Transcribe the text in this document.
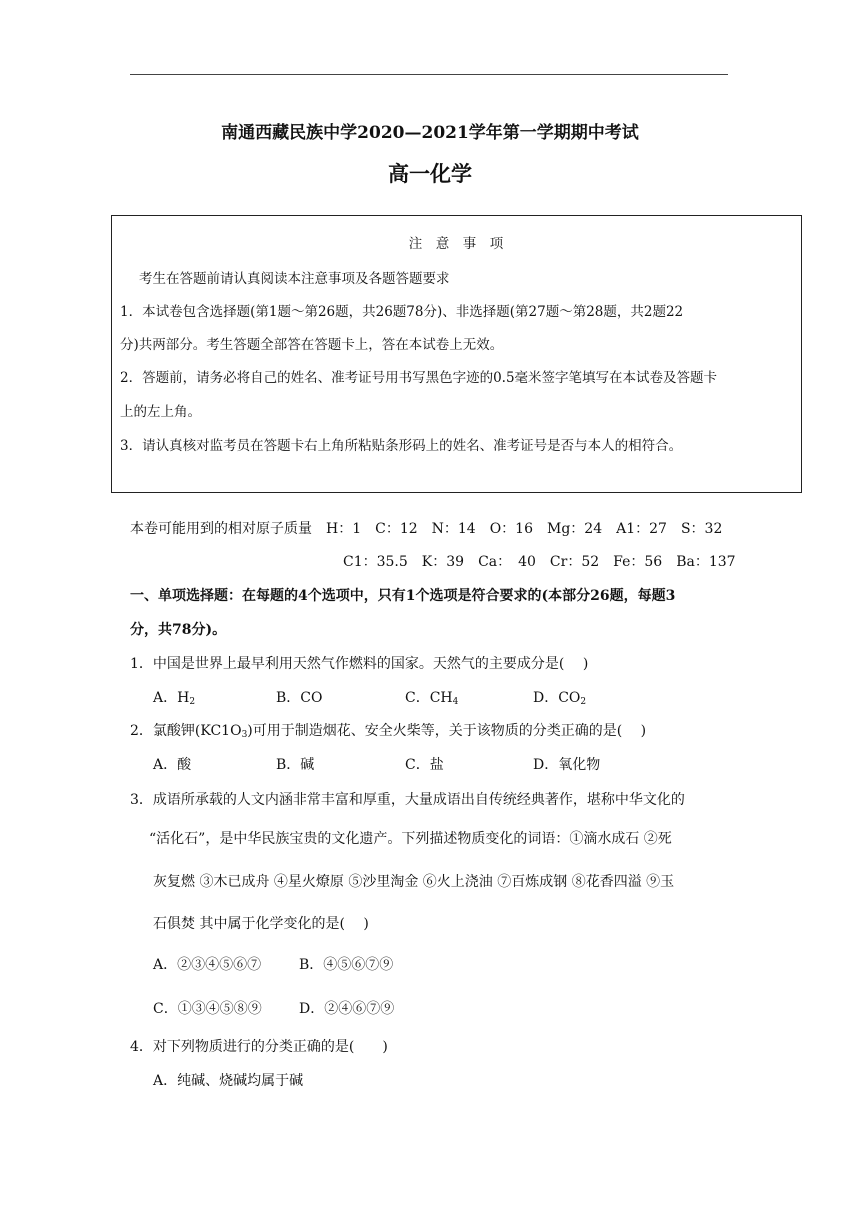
南通西藏民族中学2020—2021学年第一学期期中考试
高一化学
注　意　事　项
考生在答题前请认真阅读本注意事项及各题答题要求
1．本试卷包含选择题(第1题～第26题，共26题78分)、非选择题(第27题～第28题，共2题22
分)共两部分。考生答题全部答在答题卡上，答在本试卷上无效。
2．答题前，请务必将自己的姓名、准考证号用书写黑色字迹的0.5毫米签字笔填写在本试卷及答题卡
上的左上角。
3．请认真核对监考员在答题卡右上角所粘贴条形码上的姓名、准考证号是否与本人的相符合。
本卷可能用到的相对原子质量　H：1　C：12　N：14　O：16　Mg：24　A1：27　S：32
C1：35.5　K：39　Ca：　40　Cr：52　Fe：56　Ba：137
一、单项选择题：在每题的4个选项中，只有1个选项是符合要求的(本部分26题，每题3
分，共78分)。
1．中国是世界上最早利用天然气作燃料的国家。天然气的主要成分是(　 )
A．$H_2$	B．CO	C．$CH_4$	D．$CO_2$
2．氯酸钾$(KC1O_3)$可用于制造烟花、安全火柴等，关于该物质的分类正确的是(　 )
A．酸	B．碱	C．盐	D．氧化物
3．成语所承载的人文内涵非常丰富和厚重，大量成语出自传统经典著作，堪称中华文化的
“活化石”，是中华民族宝贵的文化遗产。下列描述物质变化的词语：①滴水成石 ②死
灰复燃 ③木已成舟 ④星火燎原 ⑤沙里淘金 ⑥火上浇油 ⑦百炼成钢 ⑧花香四溢 ⑨玉
石俱焚 其中属于化学变化的是(　 )
A．②③④⑤⑥⑦	B．④⑤⑥⑦⑨
C．①③④⑤⑧⑨	D．②④⑥⑦⑨
4．对下列物质进行的分类正确的是(　　)
A．纯碱、烧碱均属于碱
